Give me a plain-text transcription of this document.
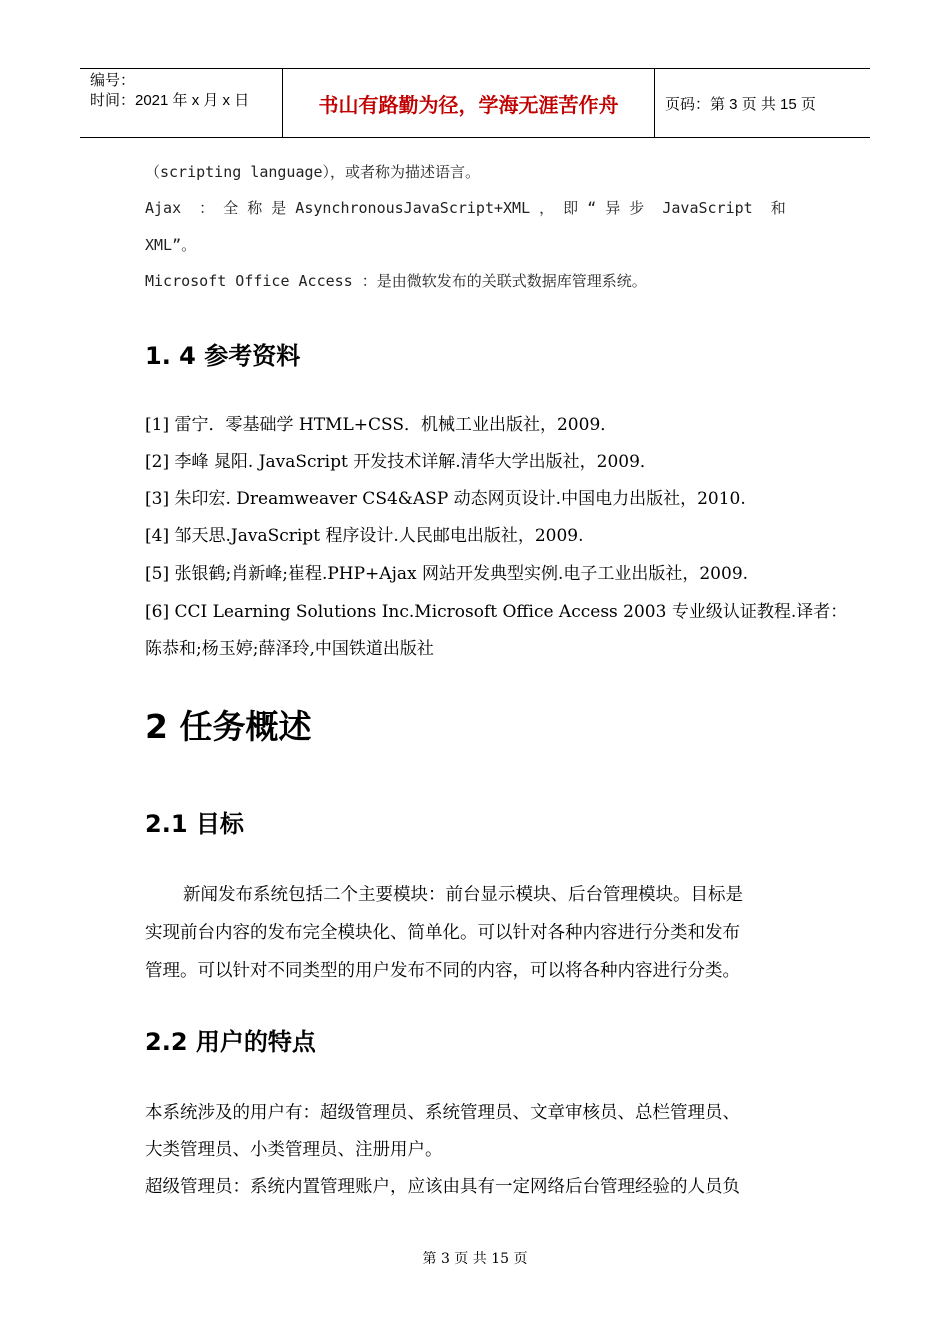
编号：
时间：2021 年 x 月 x 日	书山有路勤为径，学海无涯苦作舟	页码：第 3 页 共 15 页
（scripting language），或者称为描述语言。
Ajax  ： 全 称 是 AsynchronousJavaScript+XML ， 即 “ 异 步  JavaScript  和
XML”。
Microsoft Office Access ：是由微软发布的关联式数据库管理系统。
1. 4 参考资料
[1] 雷宁．零基础学 HTML+CSS．机械工业出版社，2009．
[2] 李峰 晁阳. JavaScript 开发技术详解.清华大学出版社，2009．
[3] 朱印宏. Dreamweaver CS4&ASP 动态网页设计.中国电力出版社，2010.
[4] 邹天思.JavaScript 程序设计.人民邮电出版社，2009.
[5] 张银鹤;肖新峰;崔程.PHP+Ajax 网站开发典型实例.电子工业出版社，2009.
[6] CCI Learning Solutions Inc.Microsoft Office Access 2003 专业级认证教程.译者：
陈恭和;杨玉婷;薛泽玲,中国铁道出版社
2 任务概述
2.1 目标
新闻发布系统包括二个主要模块：前台显示模块、后台管理模块。目标是
实现前台内容的发布完全模块化、简单化。可以针对各种内容进行分类和发布
管理。可以针对不同类型的用户发布不同的内容，可以将各种内容进行分类。
2.2 用户的特点
本系统涉及的用户有：超级管理员、系统管理员、文章审核员、总栏管理员、
大类管理员、小类管理员、注册用户。
超级管理员：系统内置管理账户，应该由具有一定网络后台管理经验的人员负
第 3 页 共 15 页
